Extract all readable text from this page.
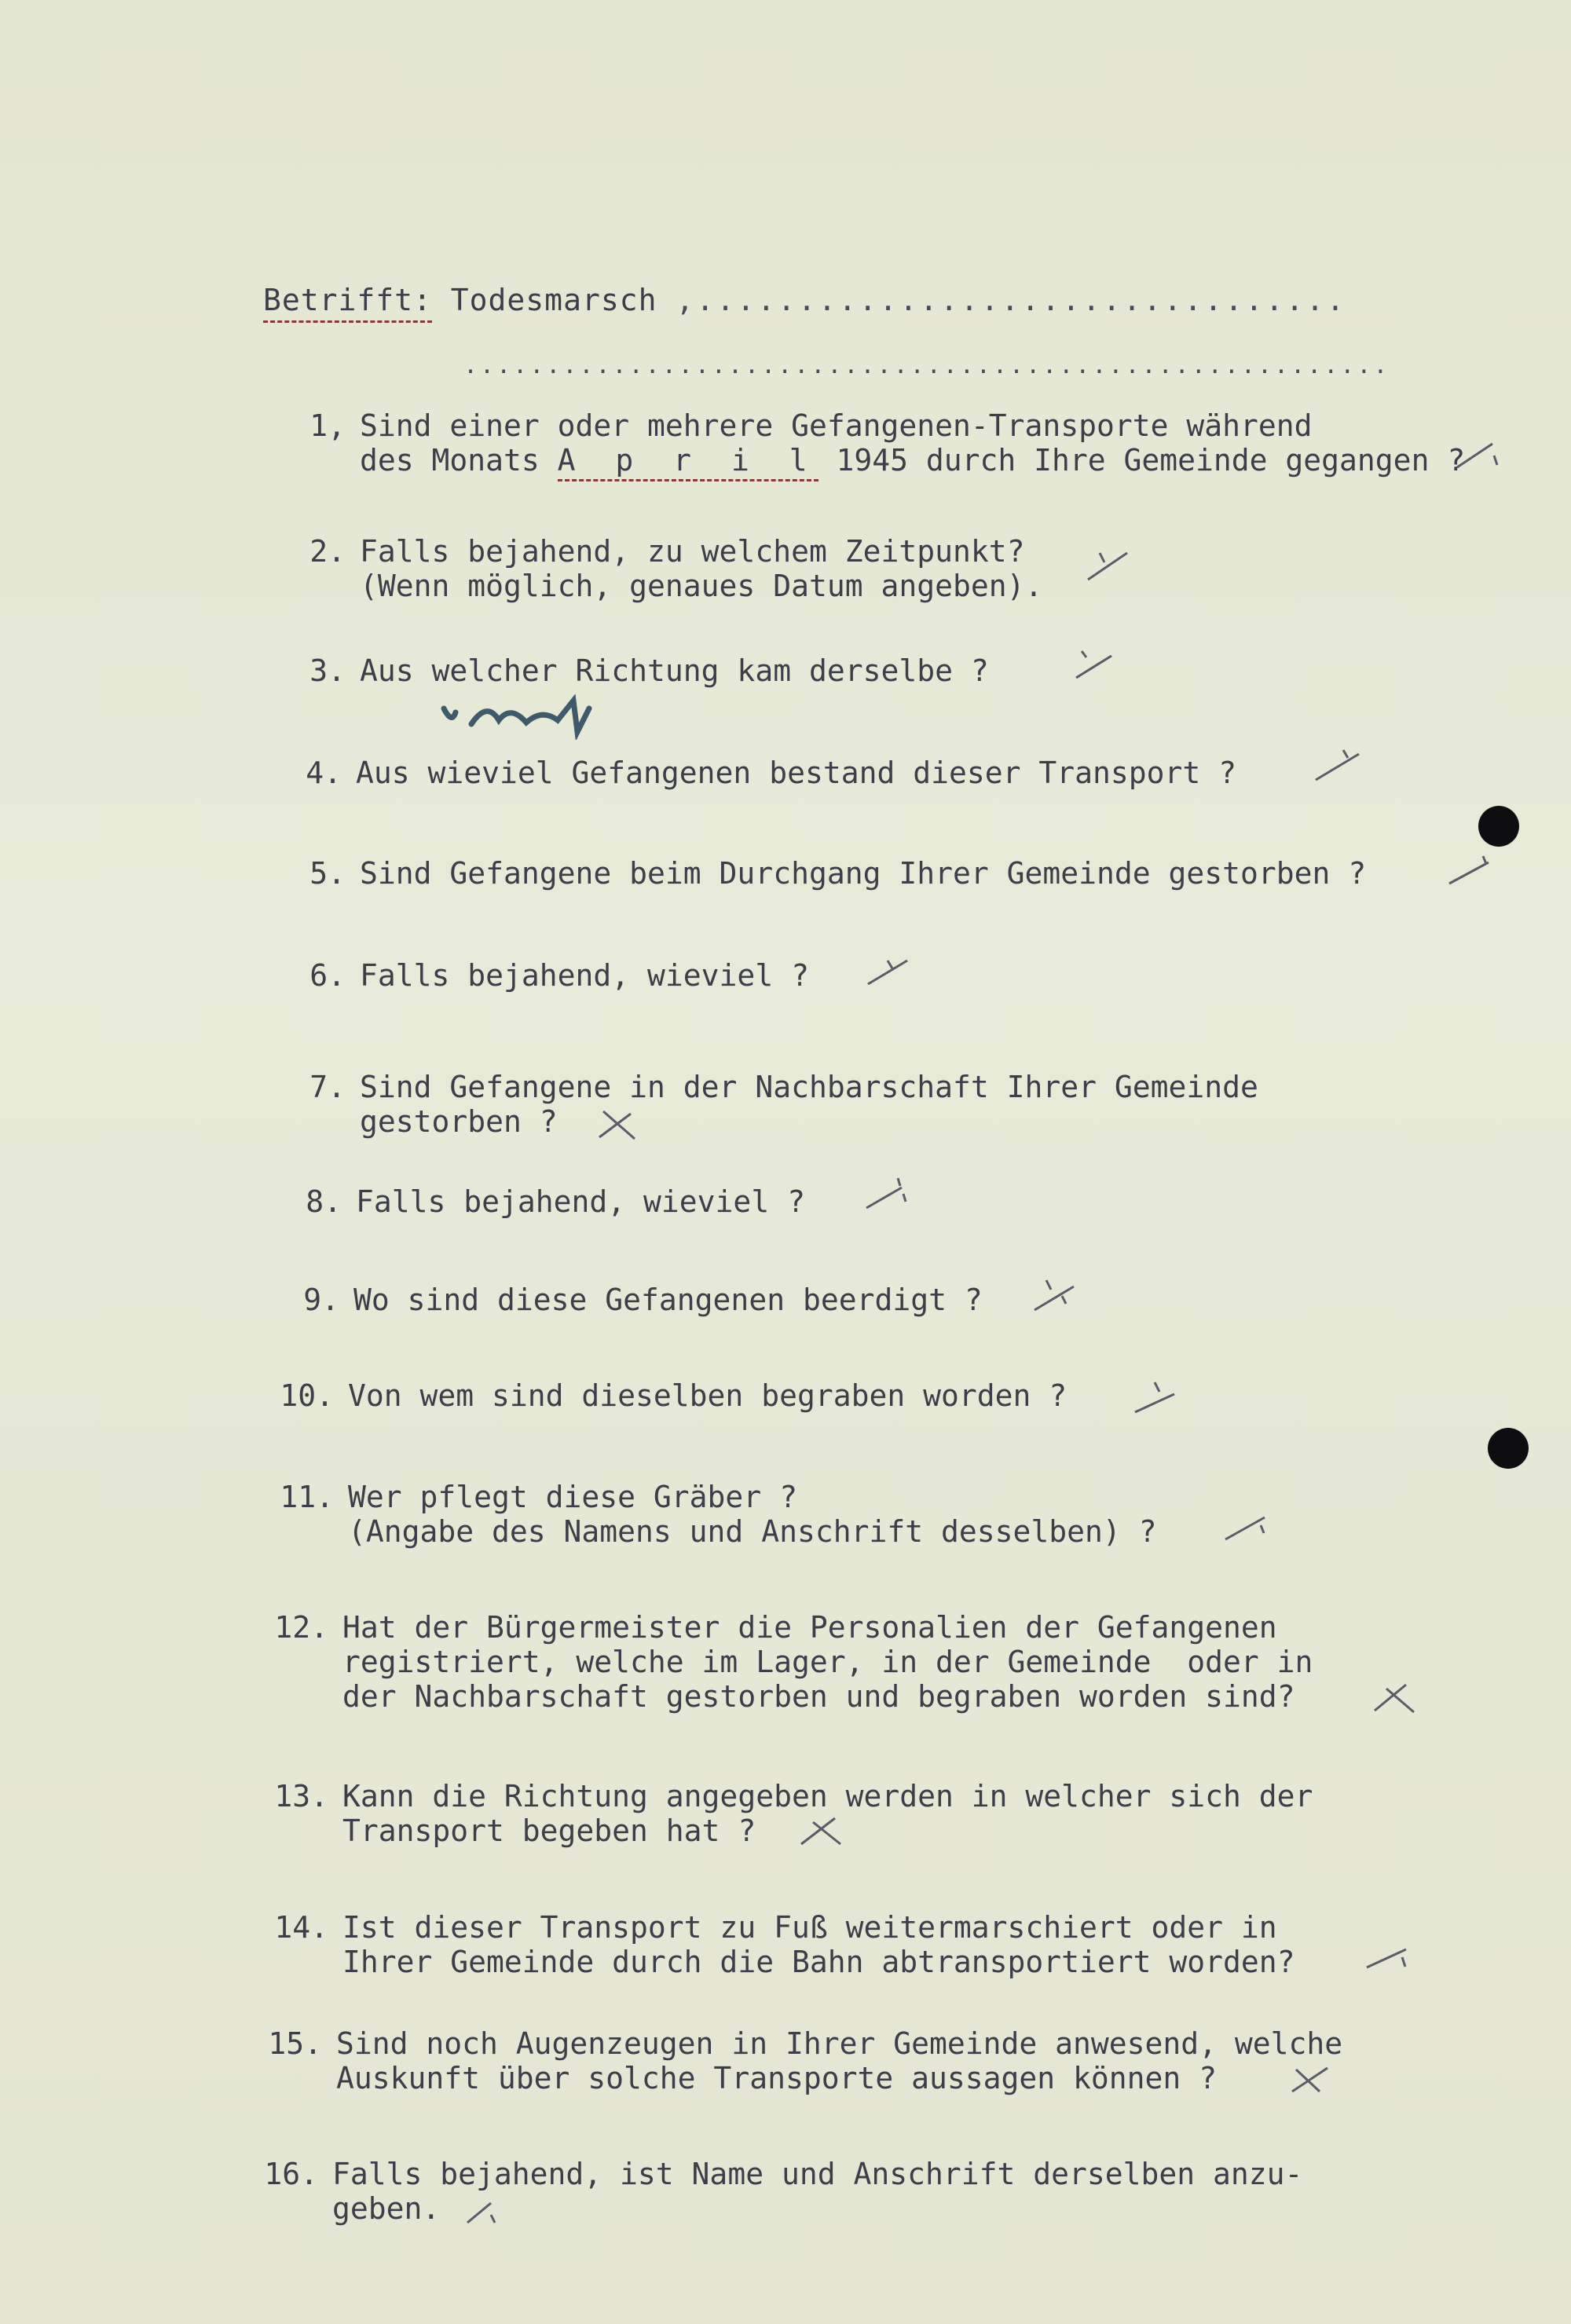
Betrifft: Todesmarsch ,................................
........................................................

1,

Sind einer oder mehrere Gefangenen-Transporte während

des Monats A p r i l 1945 durch Ihre Gemeinde gegangen ?

2.

Falls bejahend, zu welchem Zeitpunkt?

(Wenn möglich, genaues Datum angeben).

3.

Aus welcher Richtung kam derselbe ?

4.

Aus wieviel Gefangenen bestand dieser Transport ?

5.

Sind Gefangene beim Durchgang Ihrer Gemeinde gestorben ?

6.

Falls bejahend, wieviel ?

7.

Sind Gefangene in der Nachbarschaft Ihrer Gemeinde

gestorben ?

8.

Falls bejahend, wieviel ?

9.

Wo sind diese Gefangenen beerdigt ?

10.

Von wem sind dieselben begraben worden ?

11.

Wer pflegt diese Gräber ?

(Angabe des Namens und Anschrift desselben) ?

12.

Hat der Bürgermeister die Personalien der Gefangenen

registriert, welche im Lager, in der Gemeinde  oder in

der Nachbarschaft gestorben und begraben worden sind?

13.

Kann die Richtung angegeben werden in welcher sich der

Transport begeben hat ?

14.

Ist dieser Transport zu Fuß weitermarschiert oder in

Ihrer Gemeinde durch die Bahn abtransportiert worden?

15.

Sind noch Augenzeugen in Ihrer Gemeinde anwesend, welche

Auskunft über solche Transporte aussagen können ?

16.

Falls bejahend, ist Name und Anschrift derselben anzu-

geben.
